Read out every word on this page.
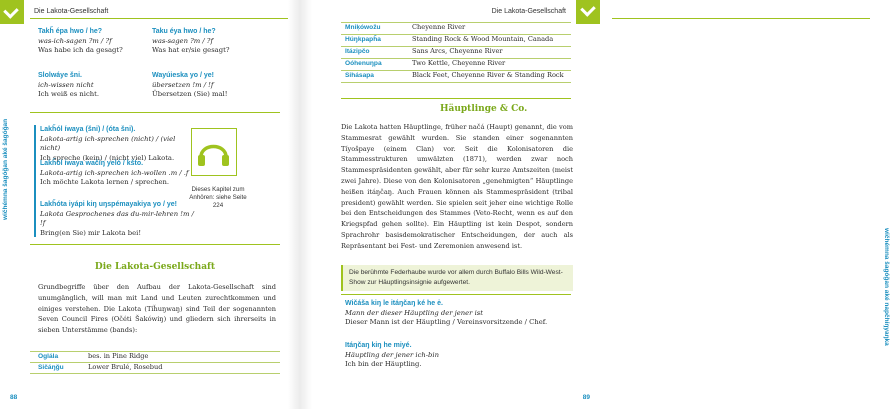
Die Lakota-Gesellschaft
Takȟ épa hwo / he?
was-ich-sagen ?m / ?f
Was habe ich da gesagt?
Taku éya hwo / he?
was-sagen ?m / ?f
Was hat er/sie gesagt?
Slolwáye šni.
ich-wissen nicht
Ich weiß es nicht.
Wayúieska yo / ye!
übersetzen !m / !f
Übersetzen (Sie) mal!
Lakȟól íwaya (šni) / (óta šni).
Lakota-artig ich-sprechen (nicht) / (viel nicht)
Ich spreche (kein) / (nicht viel) Lakota.
Lakȟól íwaya wačíŋ yeló / kšto.
Lakota-artig ich-sprechen ich-wollen .m / .f
Ich möchte Lakota lernen / sprechen.
Lakȟóta iyápi kiŋ uŋspémayakiya yo / ye!
Lakota Gesprochenes das du-mir-lehren !m / !f
Bring(en Sie) mir Lakota bei!
Dieses Kapitel zum Anhören: siehe Seite 224
Die Lakota-Gesellschaft
Grundbegriffe über den Aufbau der Lakota-Gesellschaft sind unumgänglich, will man mit Land und Leuten zurechtkommen und einiges verstehen. Die Lakota (Tíȟuŋwaŋ) sind Teil der sogenannten Seven Council Fires (Očéti Šakówiŋ) und gliedern sich ihrerseits in sieben Unterstämme (bands):
Oglála	bes. in Pine Ridge
Sičáŋǧu	Lower Brulé, Rosebud
wičhémna šagóǧan aké šagóǧan
88
Die Lakota-Gesellschaft
Mniķówožu	Cheyenne River
Húŋkpapȟa	Standing Rock & Wood Mountain, Canada
Itázipčo	Sans Arcs, Cheyenne River
Oóhenuŋpa	Two Kettle, Cheyenne River
Sihásapa	Black Feet, Cheyenne River & Standing Rock
Häuptlinge & Co.
Die Lakota hatten Häuptlinge, früher načá (Haupt) genannt, die vom Stammesrat gewählt wurden. Sie standen einer sogenannten Tíyošpaye (einem Clan) vor. Seit die Kolonisatoren die Stammesstrukturen umwälzten (1871), werden zwar noch Stammespräsidenten gewählt, aber für sehr kurze Amtszeiten (meist zwei Jahre). Diese von den Kolonisatoren „genehmigten“ Häuptlinge heißen itáŋčaŋ. Auch Frauen können als Stammespräsident (tribal president) gewählt werden. Sie spielen seit jeher eine wichtige Rolle bei den Entscheidungen des Stammes (Veto-Recht, wenn es auf den Kriegspfad gehen sollte). Ein Häuptling ist kein Despot, sondern Sprachrohr basisdemokratischer Entscheidungen, der auch als Repräsentant bei Fest- und Zeremonien anwesend ist.
Die berühmte Federhaube wurde vor allem durch Buffalo Bills Wild-West-Show zur Häuptlingsinsignie aufgewertet.
Wičáša kiŋ le itáŋčaŋ ké he ė.
Mann der dieser Häuptling der jener ist
Dieser Mann ist der Häuptling / Vereinsvorsitzende / Chef.
Itáŋčaŋ kiŋ he miyé.
Häuptling der jener ich-bin
Ich bin der Häuptling.
wičhémna šagóǧan aké napčhíŋyaŋka
89
